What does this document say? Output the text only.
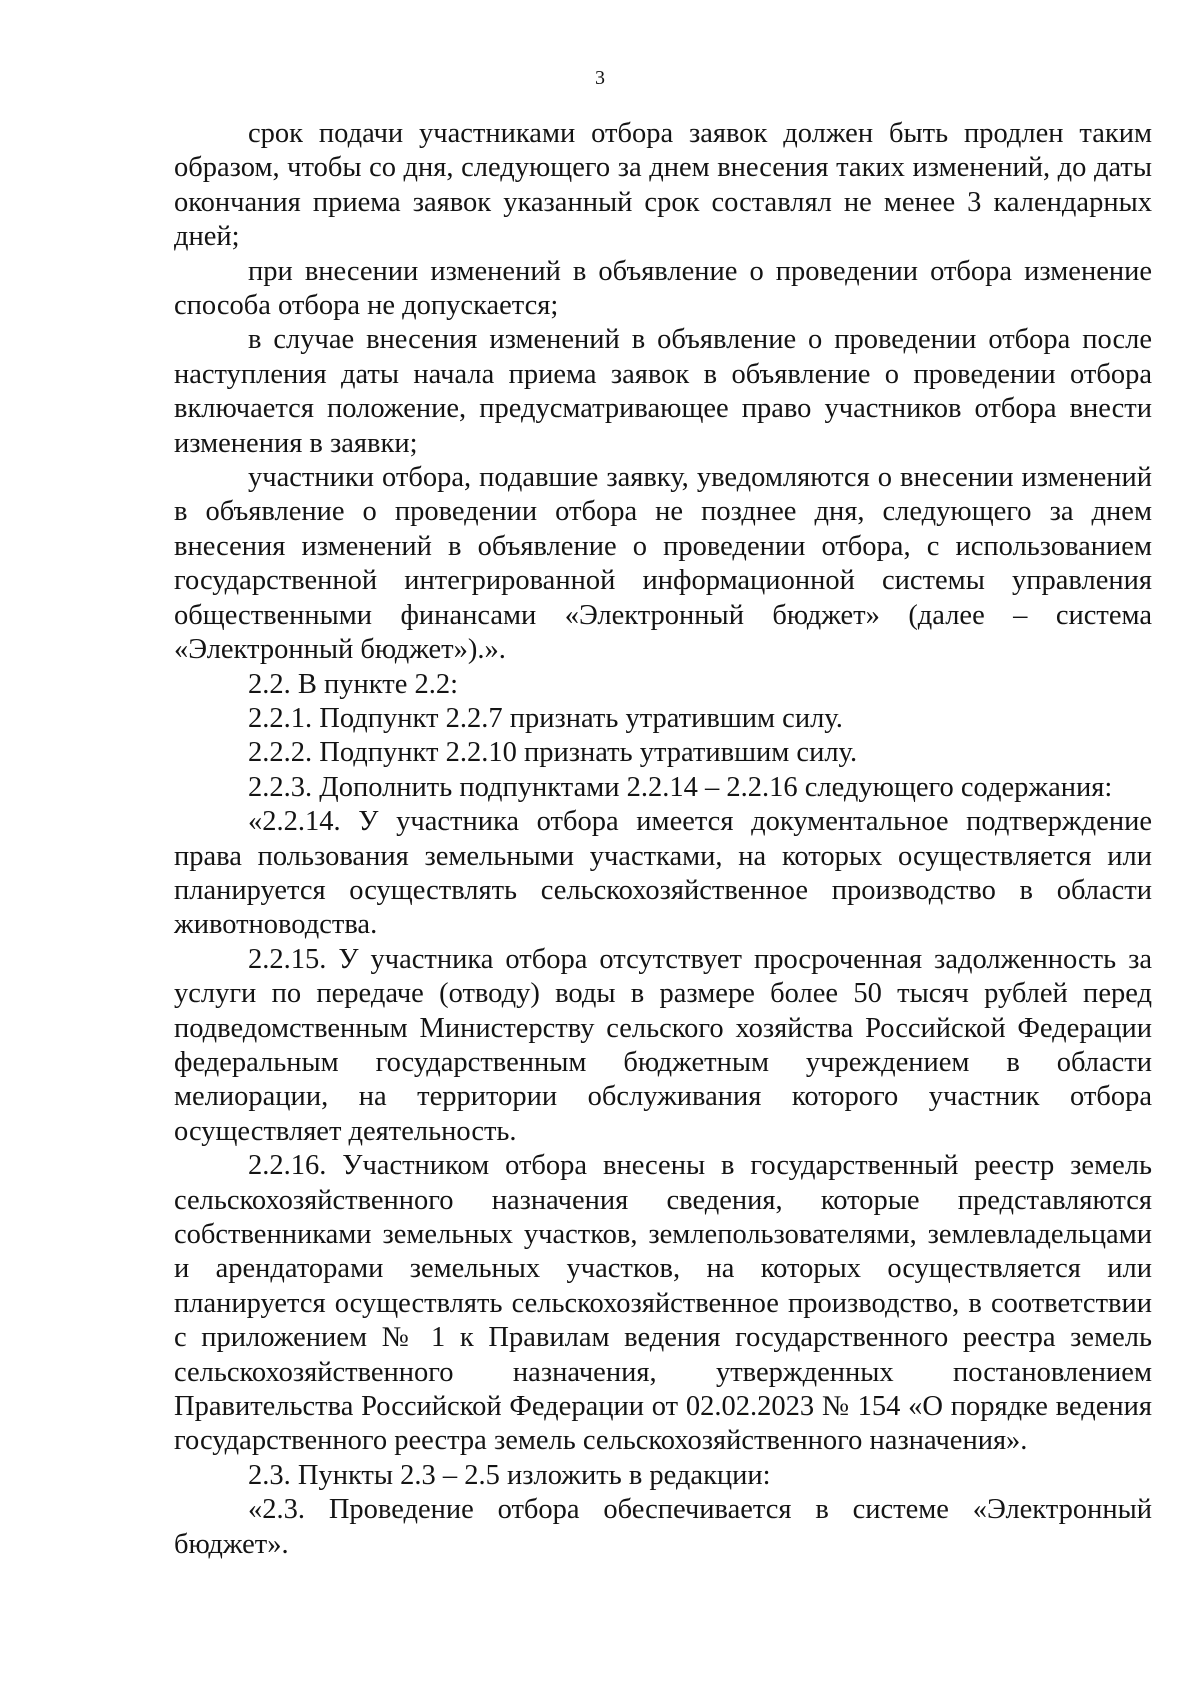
3

срок подачи участниками отбора заявок должен быть продлен таким образом, чтобы со дня, следующего за днем внесения таких изменений, до даты окончания приема заявок указанный срок составлял не менее 3 календарных дней;

при внесении изменений в объявление о проведении отбора изменение способа отбора не допускается;

в случае внесения изменений в объявление о проведении отбора после наступления даты начала приема заявок в объявление о проведении отбора включается положение, предусматривающее право участников отбора внести изменения в заявки;

участники отбора, подавшие заявку, уведомляются о внесении изменений в объявление о проведении отбора не позднее дня, следующего за днем внесения изменений в объявление о проведении отбора, с использованием государственной интегрированной информационной системы управления общественными финансами «Электронный бюджет» (далее – система «Электронный бюджет»).».

2.2. В пункте 2.2:

2.2.1. Подпункт 2.2.7 признать утратившим силу.

2.2.2. Подпункт 2.2.10 признать утратившим силу.

2.2.3. Дополнить подпунктами 2.2.14 – 2.2.16 следующего содержания:

«2.2.14. У участника отбора имеется документальное подтверждение права пользования земельными участками, на которых осуществляется или планируется осуществлять сельскохозяйственное производство в области животноводства.

2.2.15. У участника отбора отсутствует просроченная задолженность за услуги по передаче (отводу) воды в размере более 50 тысяч рублей перед подведомственным Министерству сельского хозяйства Российской Федерации федеральным государственным бюджетным учреждением в области мелиорации, на территории обслуживания которого участник отбора осуществляет деятельность.

2.2.16. Участником отбора внесены в государственный реестр земель сельскохозяйственного назначения сведения, которые представляются собственниками земельных участков, землепользователями, землевладельцами и арендаторами земельных участков, на которых осуществляется или планируется осуществлять сельскохозяйственное производство, в соответствии с приложением № 1 к Правилам ведения государственного реестра земель сельскохозяйственного назначения, утвержденных постановлением Правительства Российской Федерации от 02.02.2023 № 154 «О порядке ведения государственного реестра земель сельскохозяйственного назначения».

2.3. Пункты 2.3 – 2.5 изложить в редакции:

«2.3. Проведение отбора обеспечивается в системе «Электронный бюджет».
